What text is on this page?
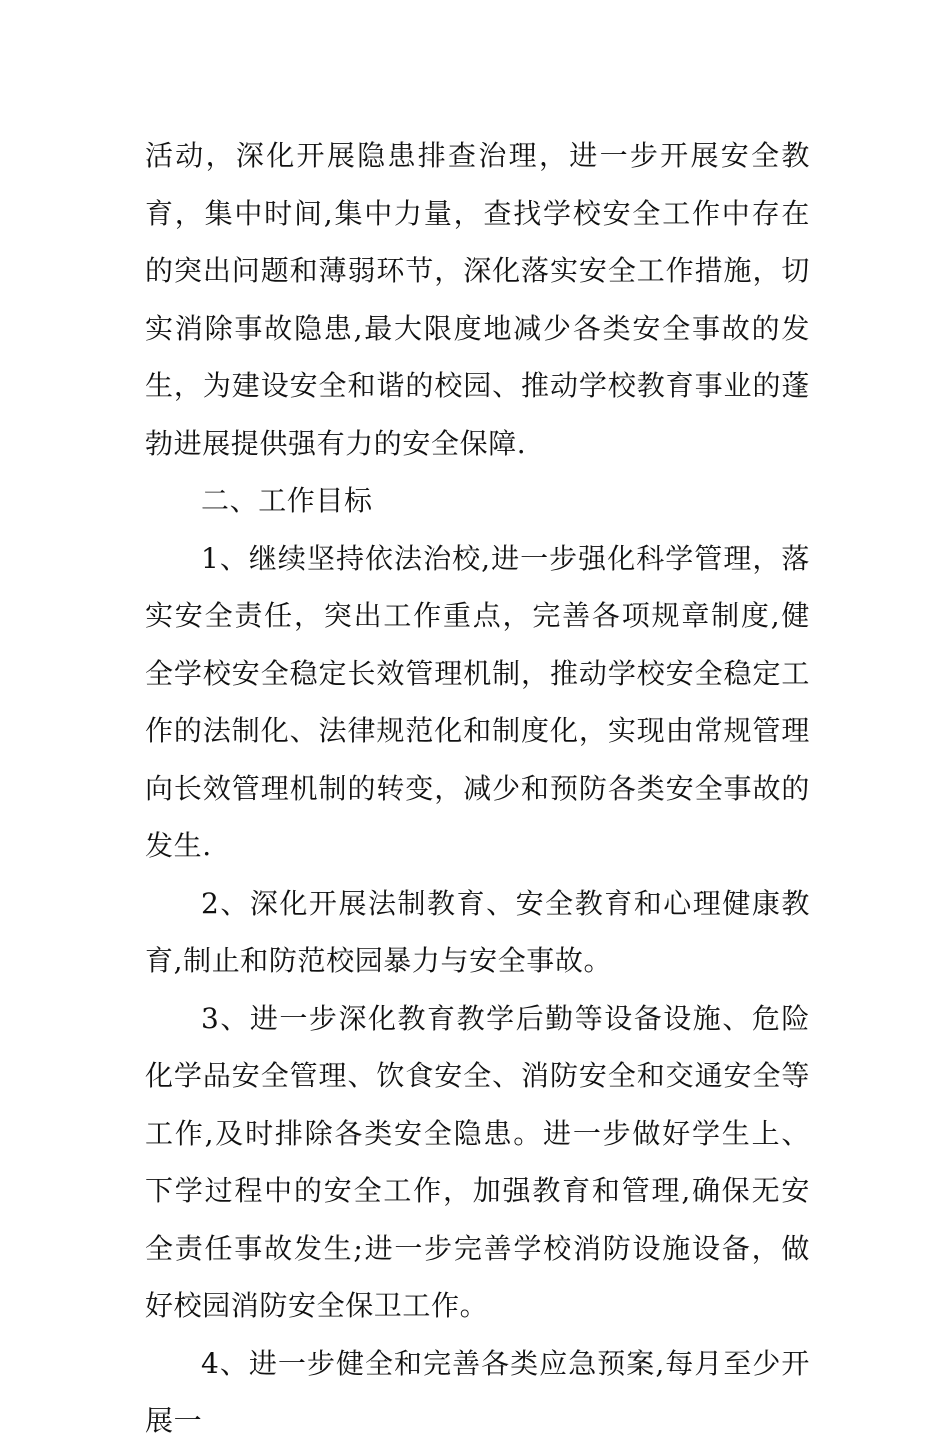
活动，深化开展隐患排查治理，进一步开展安全教育，集中时间,集中力量，查找学校安全工作中存在的突出问题和薄弱环节，深化落实安全工作措施，切实消除事故隐患,最大限度地减少各类安全事故的发生，为建设安全和谐的校园、推动学校教育事业的蓬勃进展提供强有力的安全保障.

二、工作目标

1、继续坚持依法治校,进一步强化科学管理，落实安全责任，突出工作重点，完善各项规章制度,健全学校安全稳定长效管理机制，推动学校安全稳定工作的法制化、法律规范化和制度化，实现由常规管理向长效管理机制的转变，减少和预防各类安全事故的发生.

2、深化开展法制教育、安全教育和心理健康教育,制止和防范校园暴力与安全事故。

3、进一步深化教育教学后勤等设备设施、危险化学品安全管理、饮食安全、消防安全和交通安全等工作,及时排除各类安全隐患。进一步做好学生上、下学过程中的安全工作，加强教育和管理,确保无安全责任事故发生;进一步完善学校消防设施设备，做好校园消防安全保卫工作。

4、进一步健全和完善各类应急预案,每月至少开展一
